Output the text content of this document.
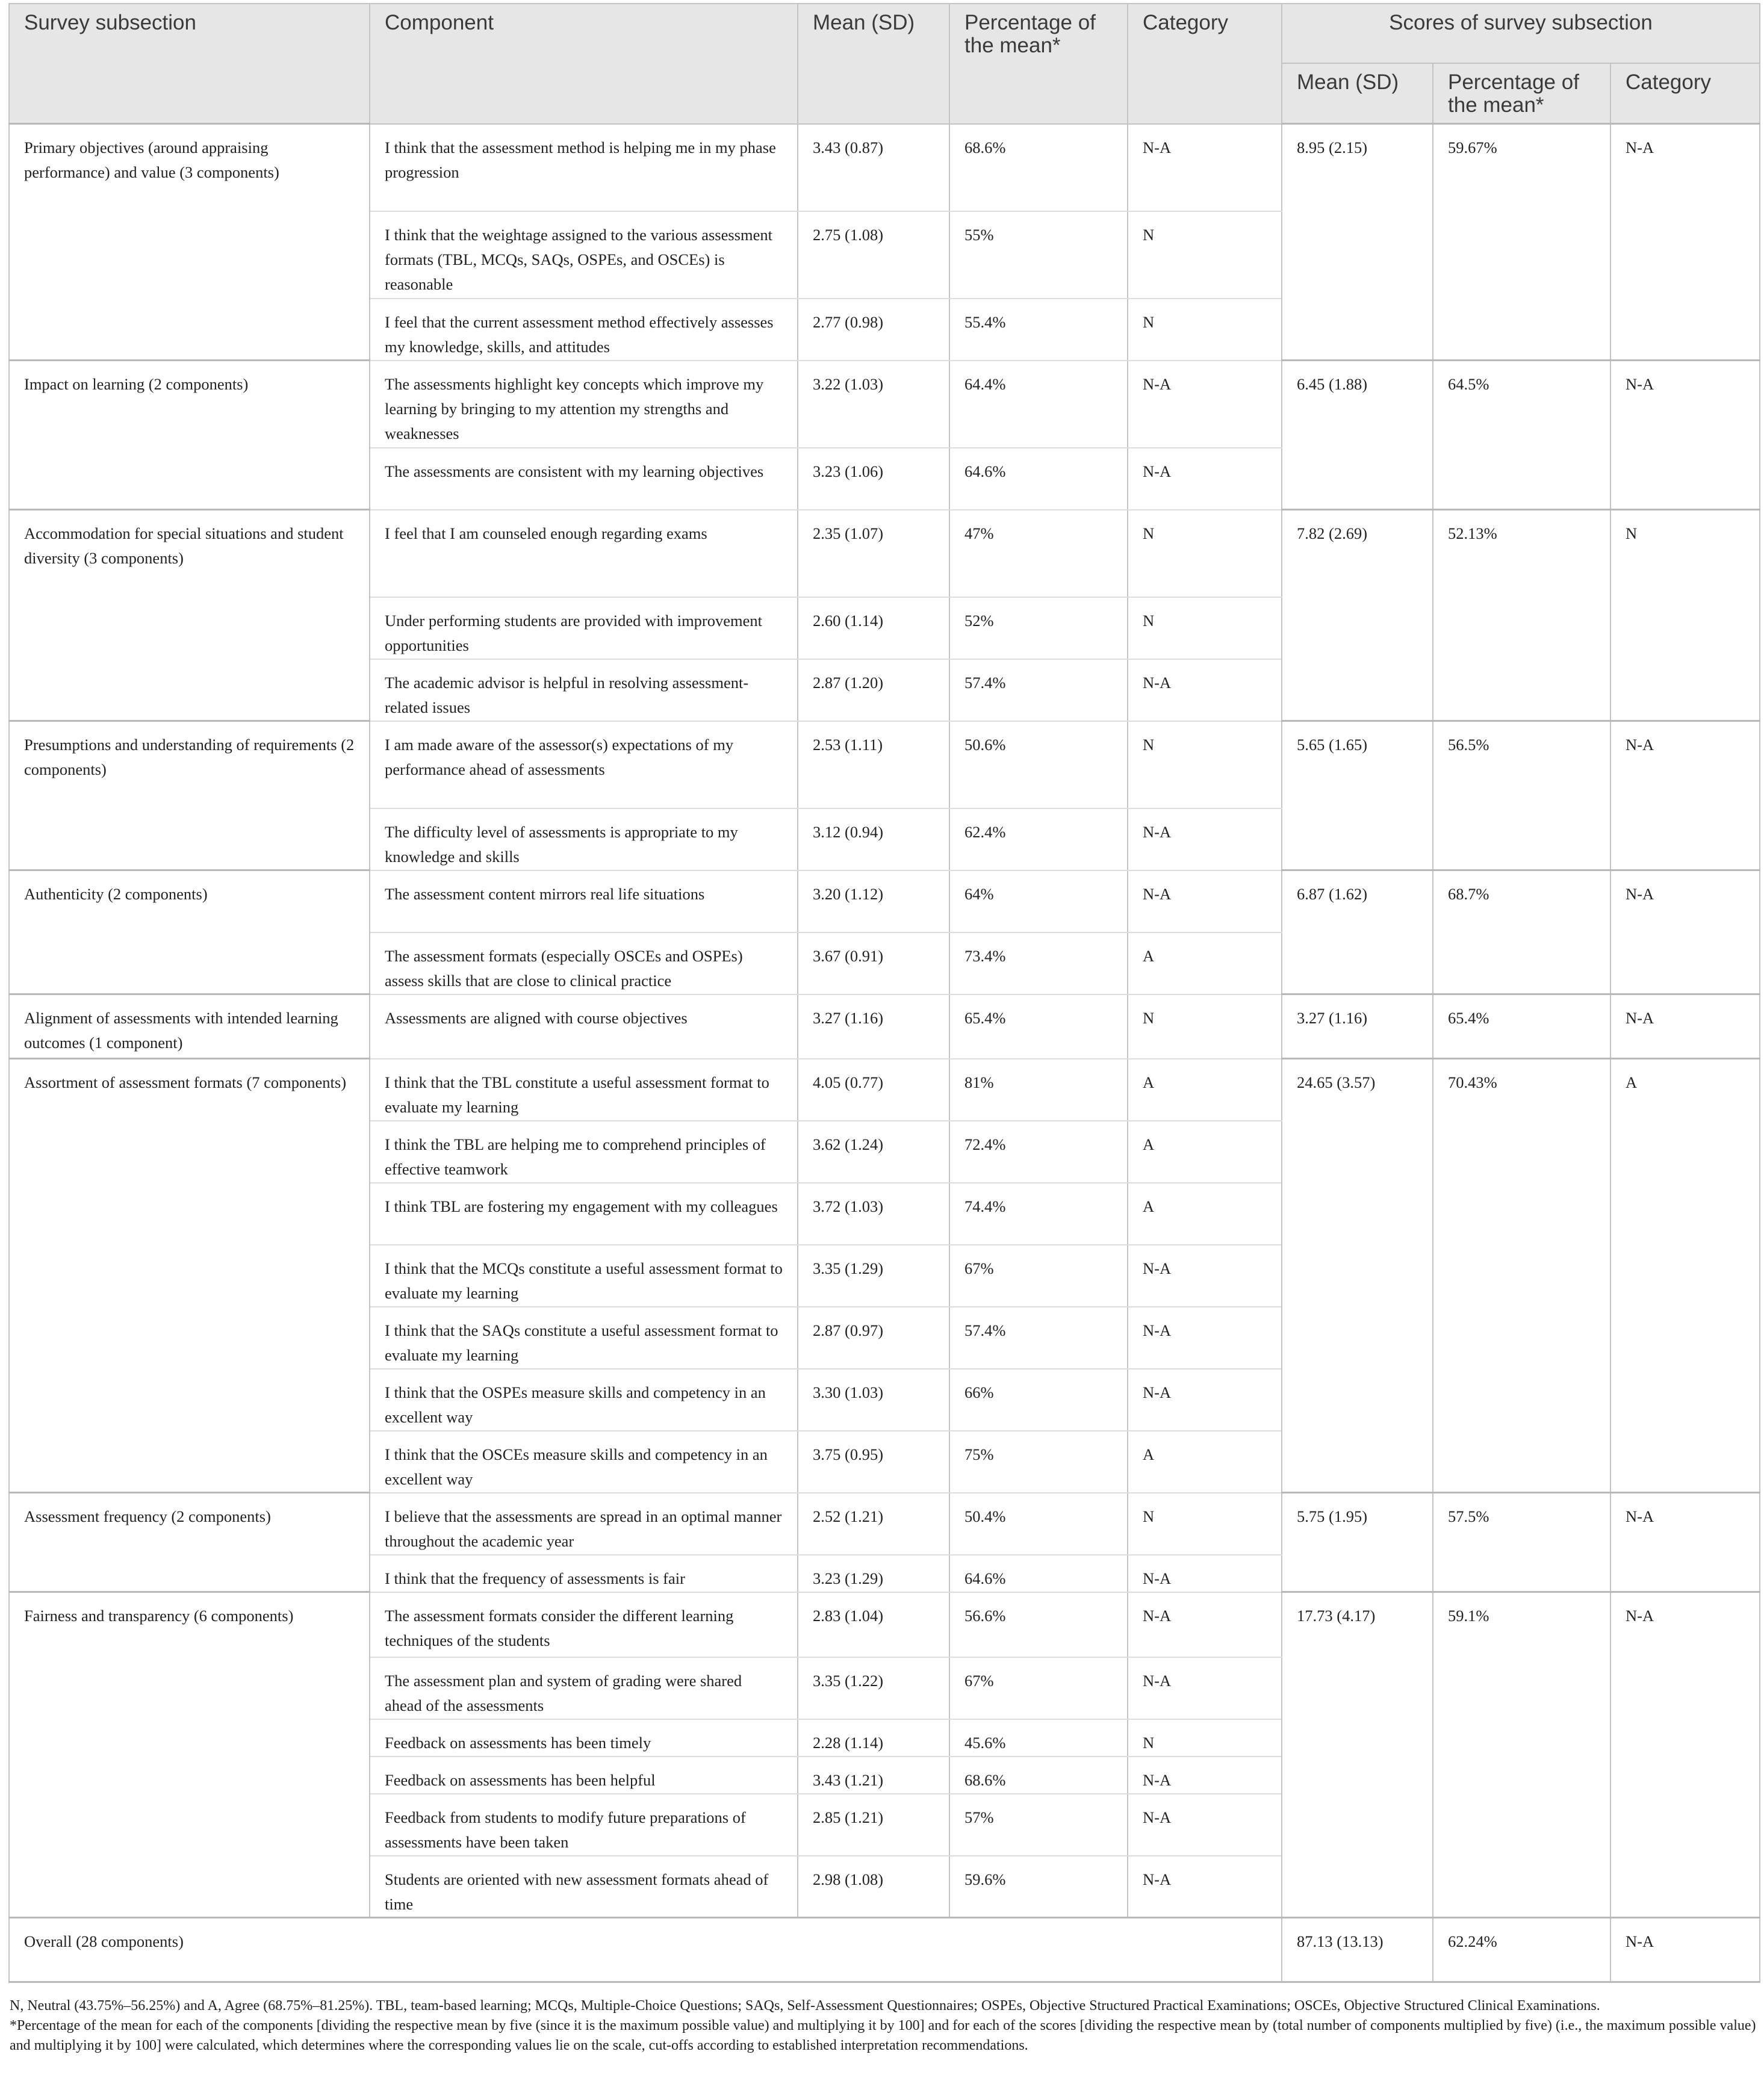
Survey subsection	Component	Mean (SD)	Percentage of the mean*	Category	Scores of survey subsection		
					Mean (SD)	Percentage of the mean*	Category
Primary objectives (around appraising performance) and value (3 components)	I think that the assessment method is helping me in my phase progression	3.43 (0.87)	68.6%	N-A	8.95 (2.15)	59.67%	N-A
	I think that the weightage assigned to the various assessment formats (TBL, MCQs, SAQs, OSPEs, and OSCEs) is reasonable	2.75 (1.08)	55%	N			
	I feel that the current assessment method effectively assesses my knowledge, skills, and attitudes	2.77 (0.98)	55.4%	N			
Impact on learning (2 components)	The assessments highlight key concepts which improve my learning by bringing to my attention my strengths and weaknesses	3.22 (1.03)	64.4%	N-A	6.45 (1.88)	64.5%	N-A
	The assessments are consistent with my learning objectives	3.23 (1.06)	64.6%	N-A			
Accommodation for special situations and student diversity (3 components)	I feel that I am counseled enough regarding exams	2.35 (1.07)	47%	N	7.82 (2.69)	52.13%	N
	Under performing students are provided with improvement opportunities	2.60 (1.14)	52%	N			
	The academic advisor is helpful in resolving assessment-related issues	2.87 (1.20)	57.4%	N-A			
Presumptions and understanding of requirements (2 components)	I am made aware of the assessor(s) expectations of my performance ahead of assessments	2.53 (1.11)	50.6%	N	5.65 (1.65)	56.5%	N-A
	The difficulty level of assessments is appropriate to my knowledge and skills	3.12 (0.94)	62.4%	N-A			
Authenticity (2 components)	The assessment content mirrors real life situations	3.20 (1.12)	64%	N-A	6.87 (1.62)	68.7%	N-A
	The assessment formats (especially OSCEs and OSPEs) assess skills that are close to clinical practice	3.67 (0.91)	73.4%	A			
Alignment of assessments with intended learning outcomes (1 component)	Assessments are aligned with course objectives	3.27 (1.16)	65.4%	N	3.27 (1.16)	65.4%	N-A
Assortment of assessment formats (7 components)	I think that the TBL constitute a useful assessment format to evaluate my learning	4.05 (0.77)	81%	A	24.65 (3.57)	70.43%	A
	I think the TBL are helping me to comprehend principles of effective teamwork	3.62 (1.24)	72.4%	A			
	I think TBL are fostering my engagement with my colleagues	3.72 (1.03)	74.4%	A			
	I think that the MCQs constitute a useful assessment format to evaluate my learning	3.35 (1.29)	67%	N-A			
	I think that the SAQs constitute a useful assessment format to evaluate my learning	2.87 (0.97)	57.4%	N-A			
	I think that the OSPEs measure skills and competency in an excellent way	3.30 (1.03)	66%	N-A			
	I think that the OSCEs measure skills and competency in an excellent way	3.75 (0.95)	75%	A			
Assessment frequency (2 components)	I believe that the assessments are spread in an optimal manner throughout the academic year	2.52 (1.21)	50.4%	N	5.75 (1.95)	57.5%	N-A
	I think that the frequency of assessments is fair	3.23 (1.29)	64.6%	N-A			
Fairness and transparency (6 components)	The assessment formats consider the different learning techniques of the students	2.83 (1.04)	56.6%	N-A	17.73 (4.17)	59.1%	N-A
	The assessment plan and system of grading were shared ahead of the assessments	3.35 (1.22)	67%	N-A			
	Feedback on assessments has been timely	2.28 (1.14)	45.6%	N			
	Feedback on assessments has been helpful	3.43 (1.21)	68.6%	N-A			
	Feedback from students to modify future preparations of assessments have been taken	2.85 (1.21)	57%	N-A			
	Students are oriented with new assessment formats ahead of time	2.98 (1.08)	59.6%	N-A			
Overall (28 components)					87.13 (13.13)	62.24%	N-A

N, Neutral (43.75%–56.25%) and A, Agree (68.75%–81.25%). TBL, team-based learning; MCQs, Multiple-Choice Questions; SAQs, Self-Assessment Questionnaires; OSPEs, Objective Structured Practical Examinations; OSCEs, Objective Structured Clinical Examinations.

*Percentage of the mean for each of the components [dividing the respective mean by five (since it is the maximum possible value) and multiplying it by 100] and for each of the scores [dividing the respective mean by (total number of components multiplied by five) (i.e., the maximum possible value) and multiplying it by 100] were calculated, which determines where the corresponding values lie on the scale, cut-offs according to established interpretation recommendations.
